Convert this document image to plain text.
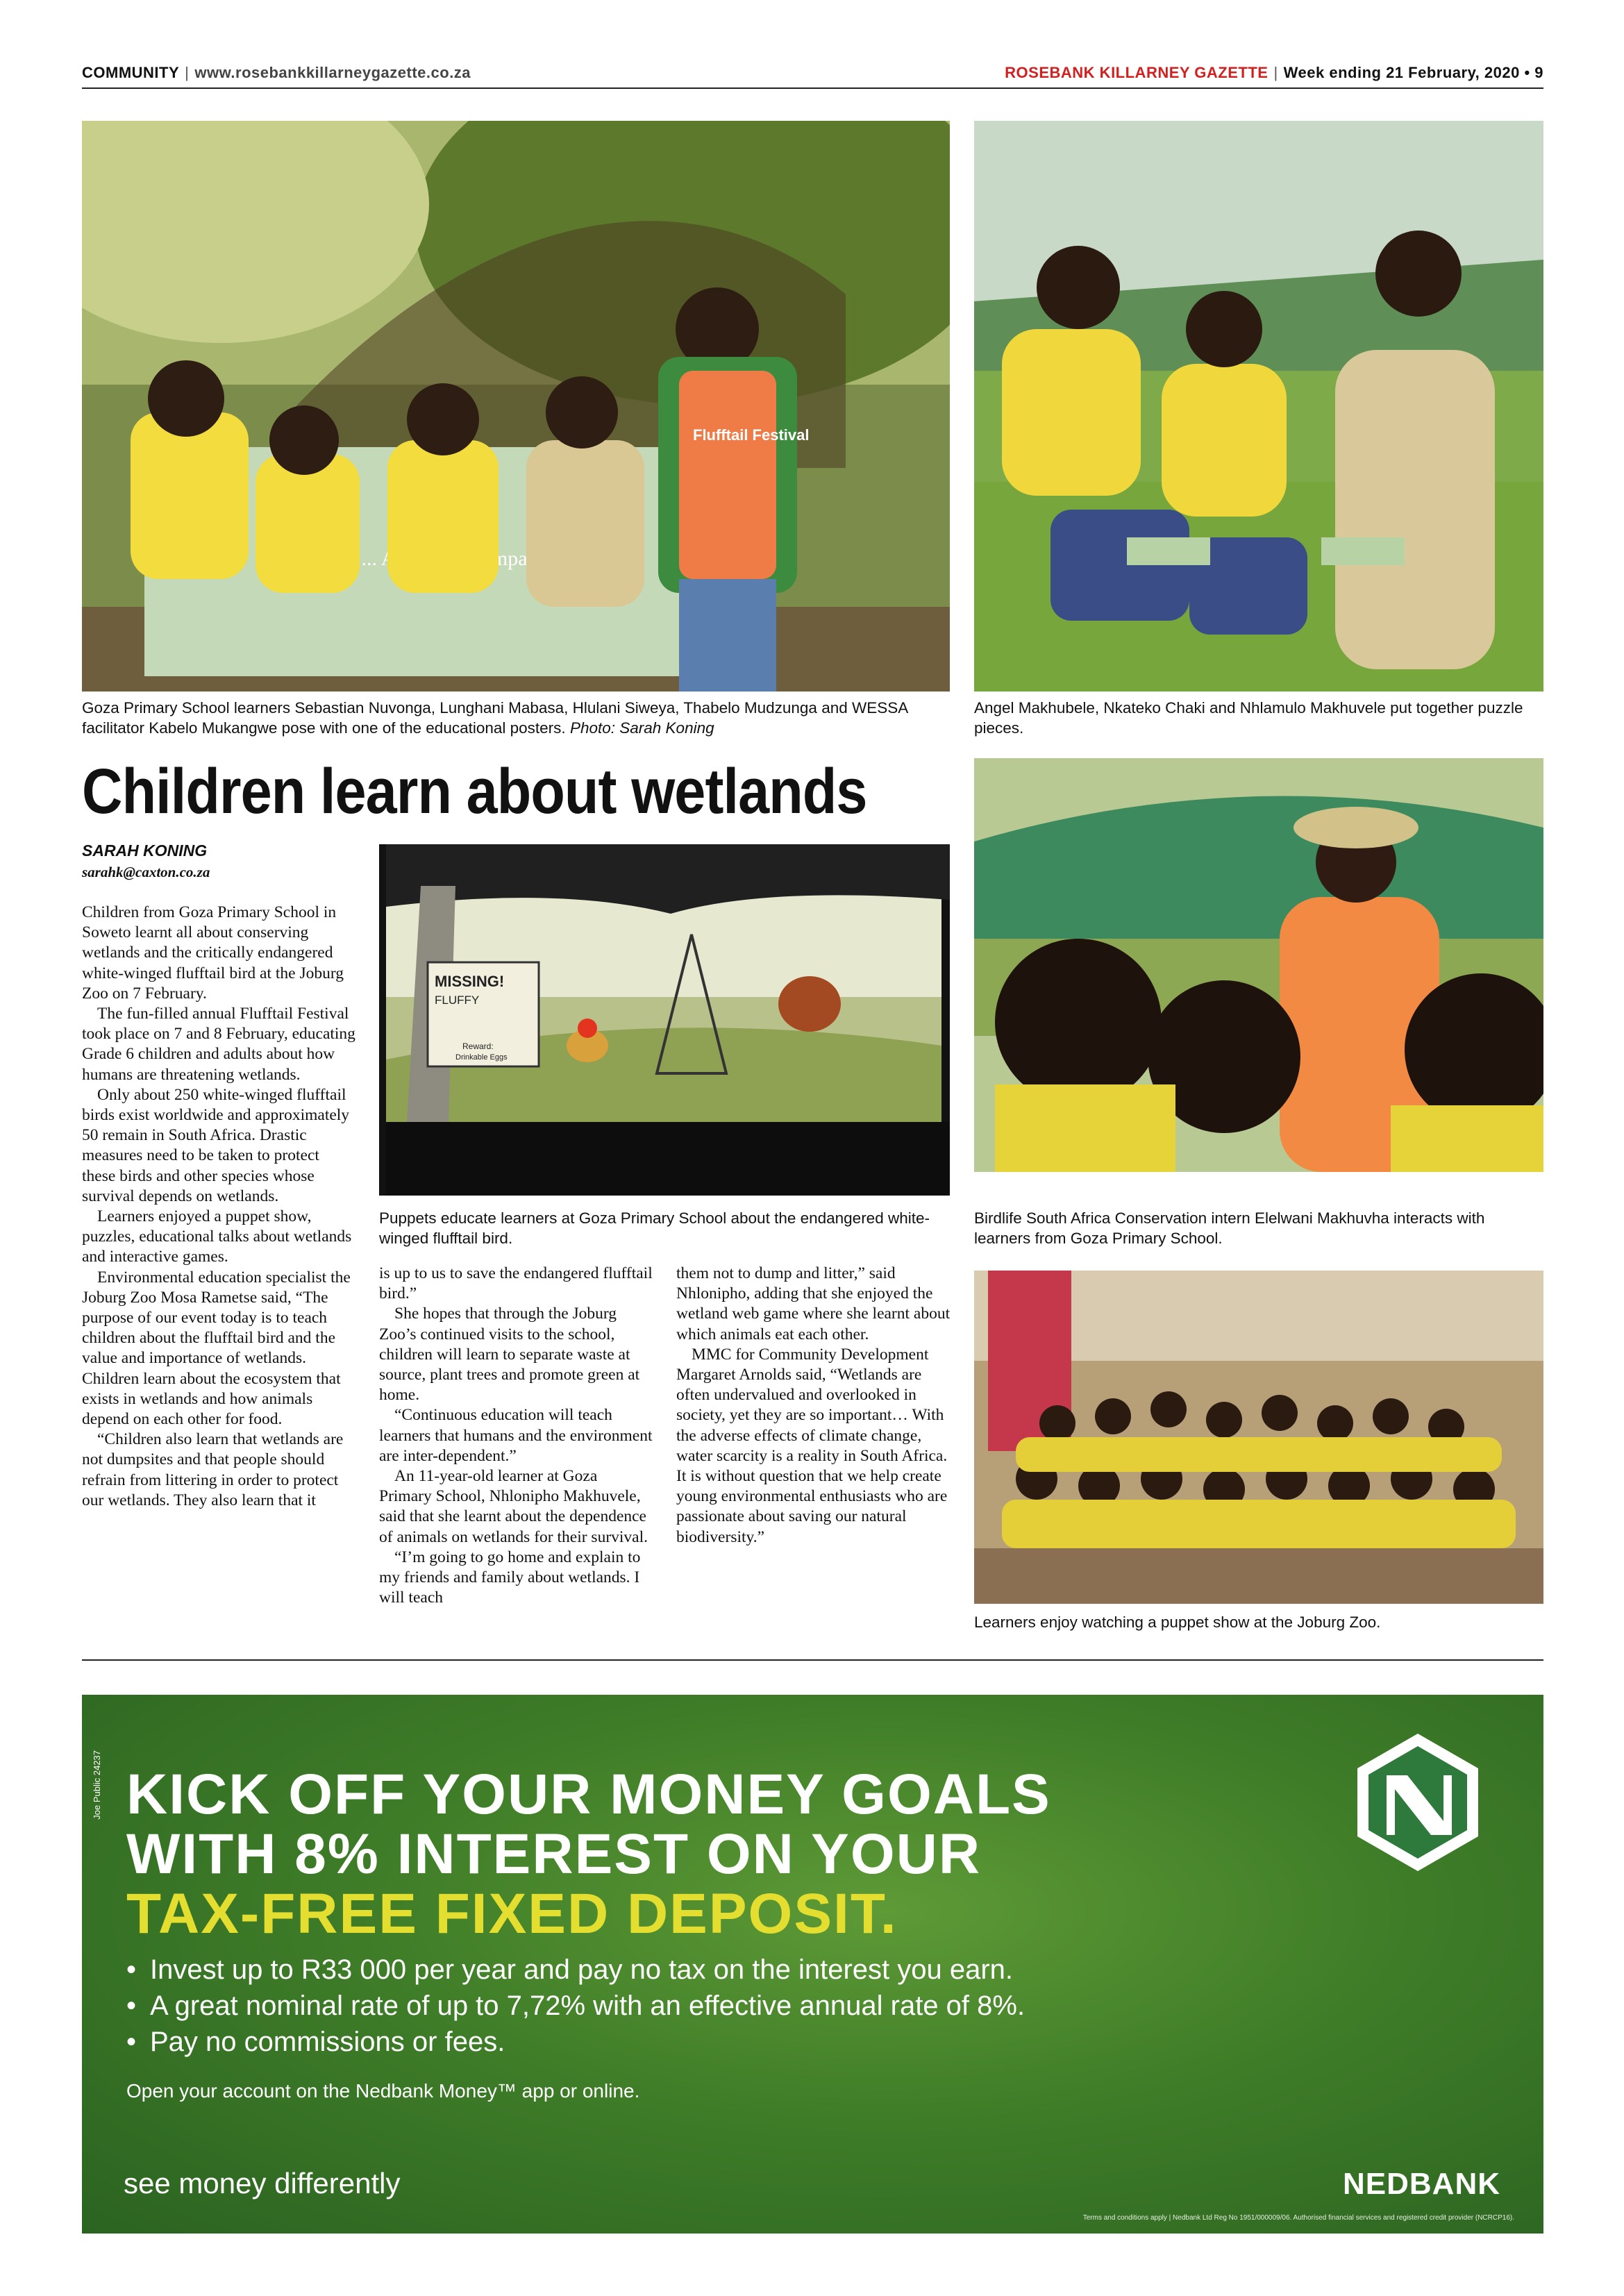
COMMUNITY | www.rosebankkillarneygazette.co.za	ROSEBANK KILLARNEY GAZETTE | Week ending 21 February, 2020 • 9
... Impacts
Flufftail Festival
Goza Primary School learners Sebastian Nuvonga, Lunghani Mabasa, Hlulani Siweya, Thabelo Mudzunga and WESSA facilitator Kabelo Mukangwe pose with one of the educational posters. Photo: Sarah Koning
Angel Makhubele, Nkateko Chaki and Nhlamulo Makhuvele put together puzzle pieces.
Children learn about wetlands
SARAH KONING
sarahk@caxton.co.za
MISSING!
FLUFFY
Reward:
Drinkable Eggs
Puppets educate learners at Goza Primary School about the endangered white-winged flufftail bird.
Birdlife South Africa Conservation intern Elelwani Makhuvha interacts with learners from Goza Primary School.
Learners enjoy watching a puppet show at the Joburg Zoo.

Children from Goza Primary School in Soweto learnt all about conserving wetlands and the critically endangered white-winged flufftail bird at the Joburg Zoo on 7 February.

The fun-filled annual Flufftail Festival took place on 7 and 8 February, educating Grade 6 children and adults about how humans are threatening wetlands.

Only about 250 white-winged flufftail birds exist worldwide and approximately 50 remain in South Africa. Drastic measures need to be taken to protect these birds and other species whose survival depends on wetlands.

Learners enjoyed a puppet show, puzzles, educational talks about wetlands and interactive games.

Environmental education specialist the Joburg Zoo Mosa Rametse said, “The purpose of our event today is to teach children about the flufftail bird and the value and importance of wetlands. Children learn about the ecosystem that exists in wetlands and how animals depend on each other for food.

“Children also learn that wetlands are not dumpsites and that people should refrain from littering in order to protect our wetlands. They also learn that it

is up to us to save the endangered flufftail bird.”

She hopes that through the Joburg Zoo’s continued visits to the school, children will learn to separate waste at source, plant trees and promote green at home.

“Continuous education will teach learners that humans and the environment are inter-dependent.”

An 11-year-old learner at Goza Primary School, Nhlonipho Makhuvele, said that she learnt about the dependence of animals on wetlands for their survival.

“I’m going to go home and explain to my friends and family about wetlands. I will teach

them not to dump and litter,” said Nhlonipho, adding that she enjoyed the wetland web game where she learnt about which animals eat each other.

MMC for Community Development Margaret Arnolds said, “Wetlands are often undervalued and overlooked in society, yet they are so important… With the adverse effects of climate change, water scarcity is a reality in South Africa. It is without question that we help create young environmental enthusiasts who are passionate about saving our natural biodiversity.”

Joe Public 24237 KICK OFF YOUR MONEY GOALS
WITH 8% INTEREST ON YOUR
TAX-FREE FIXED DEPOSIT.
• Invest up to R33 000 per year and pay no tax on the interest you earn.
• A great nominal rate of up to 7,72% with an effective annual rate of 8%.
• Pay no commissions or fees.
Open your account on the Nedbank Money™ app or online.
see money differently	NEDBANK
Terms and conditions apply | Nedbank Ltd Reg No 1951/000009/06. Authorised financial services and registered credit provider (NCRCP16).
